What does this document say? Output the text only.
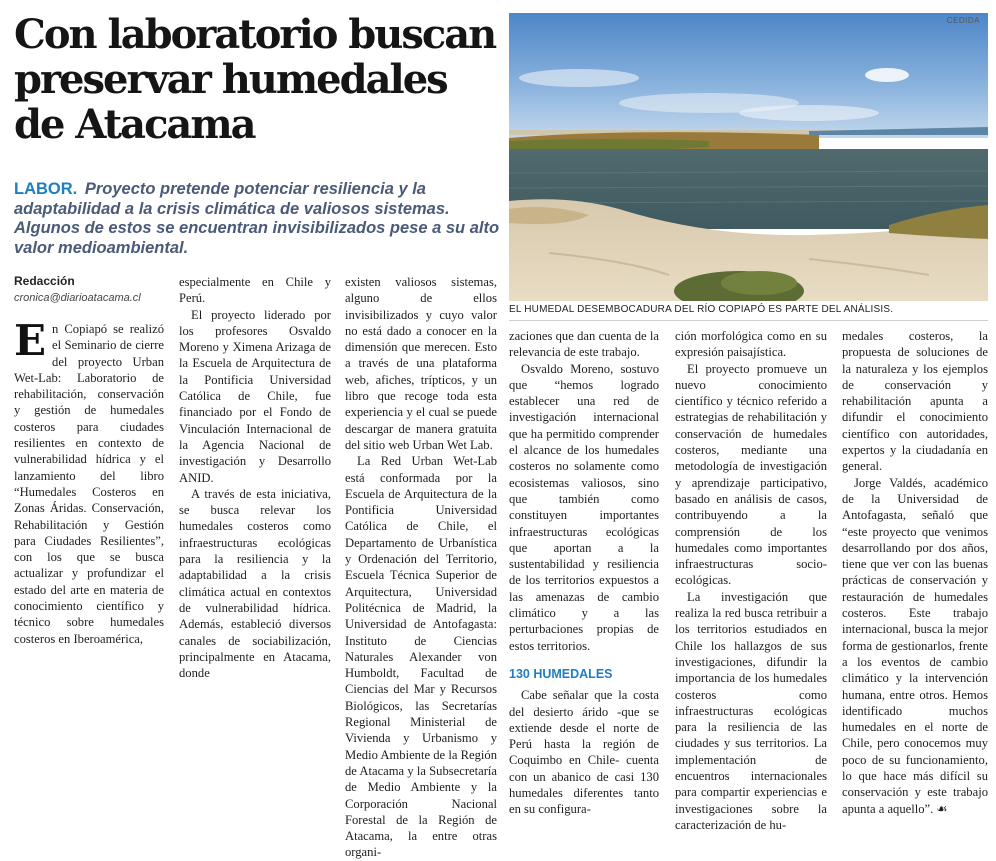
Con laboratorio buscan
preservar humedales
de Atacama
LABOR. Proyecto pretende potenciar resiliencia y la adaptabilidad a la crisis climática de valiosos sistemas. Algunos de estos se encuentran invisibilizados pese a su alto valor medioambiental.
Redacción
cronica@diarioatacama.cl

En Copiapó se realizó el Seminario de cierre del proyecto Urban Wet-Lab: Laboratorio de rehabilitación, conservación y gestión de humedales costeros para ciudades resilientes en contexto de vulnerabilidad hídrica y el lanzamiento del libro “Humedales Costeros en Zonas Áridas. Conservación, Rehabilitación y Gestión para Ciudades Resilientes”, con los que se busca actualizar y profundizar el estado del arte en materia de conocimiento científico y técnico sobre humedales costeros en Iberoamérica,

especialmente en Chile y Perú.

El proyecto liderado por los profesores Osvaldo Moreno y Ximena Arizaga de la Escuela de Arquitectura de la Pontificia Universidad Católica de Chile, fue financiado por el Fondo de Vinculación Internacional de la Agencia Nacional de investigación y Desarrollo ANID.

A través de esta iniciativa, se busca relevar los humedales costeros como infraestructuras ecológicas para la resiliencia y la adaptabilidad a la crisis climática actual en contextos de vulnerabilidad hídrica. Además, estableció diversos canales de sociabilización, principalmente en Atacama, donde

existen valiosos sistemas, alguno de ellos invisibilizados y cuyo valor no está dado a conocer en la dimensión que merecen. Esto a través de una plataforma web, afiches, trípticos, y un libro que recoge toda esta experiencia y el cual se puede descargar de manera gratuita del sitio web Urban Wet Lab.

La Red Urban Wet-Lab está conformada por la Escuela de Arquitectura de la Pontificia Universidad Católica de Chile, el Departamento de Urbanística y Ordenación del Territorio, Escuela Técnica Superior de Arquitectura, Universidad Politécnica de Madrid, la Universidad de Antofagasta: Instituto de Ciencias Naturales Alexander von Humboldt, Facultad de Ciencias del Mar y Recursos Biológicos, las Secretarías Regional Ministerial de Vivienda y Urbanismo y Medio Ambiente de la Región de Atacama y la Subsecretaría de Medio Ambiente y la Corporación Nacional Forestal de la Región de Atacama, la entre otras organi-

CEDIDA
EL HUMEDAL DESEMBOCADURA DEL RÍO COPIAPÓ ES PARTE DEL ANÁLISIS.

zaciones que dan cuenta de la relevancia de este trabajo.

Osvaldo Moreno, sostuvo que “hemos logrado establecer una red de investigación internacional que ha permitido comprender el alcance de los humedales costeros no solamente como ecosistemas valiosos, sino que también como constituyen importantes infraestructuras ecológicas que aportan a la sustentabilidad y resiliencia de los territorios expuestos a las amenazas de cambio climático y a las perturbaciones propias de estos territorios.

130 HUMEDALES

Cabe señalar que la costa del desierto árido -que se extiende desde el norte de Perú hasta la región de Coquimbo en Chile- cuenta con un abanico de casi 130 humedales diferentes tanto en su configura-

ción morfológica como en su expresión paisajística.

El proyecto promueve un nuevo conocimiento científico y técnico referido a estrategias de rehabilitación y conservación de humedales costeros, mediante una metodología de investigación y aprendizaje participativo, basado en análisis de casos, contribuyendo a la comprensión de los humedales como importantes infraestructuras socio-ecológicas.

La investigación que realiza la red busca retribuir a los territorios estudiados en Chile los hallazgos de sus investigaciones, difundir la importancia de los humedales costeros como infraestructuras ecológicas para la resiliencia de las ciudades y sus territorios. La implementación de encuentros internacionales para compartir experiencias e investigaciones sobre la caracterización de hu-

medales costeros, la propuesta de soluciones de la naturaleza y los ejemplos de conservación y rehabilitación apunta a difundir el conocimiento científico con autoridades, expertos y la ciudadanía en general.

Jorge Valdés, académico de la Universidad de Antofagasta, señaló que “este proyecto que venimos desarrollando por dos años, tiene que ver con las buenas prácticas de conservación y restauración de humedales costeros. Este trabajo internacional, busca la mejor forma de gestionarlos, frente a los eventos de cambio climático y la intervención humana, entre otros. Hemos identificado muchos humedales en el norte de Chile, pero conocemos muy poco de su funcionamiento, lo que hace más difícil su conservación y este trabajo apunta a aquello”. ☙
